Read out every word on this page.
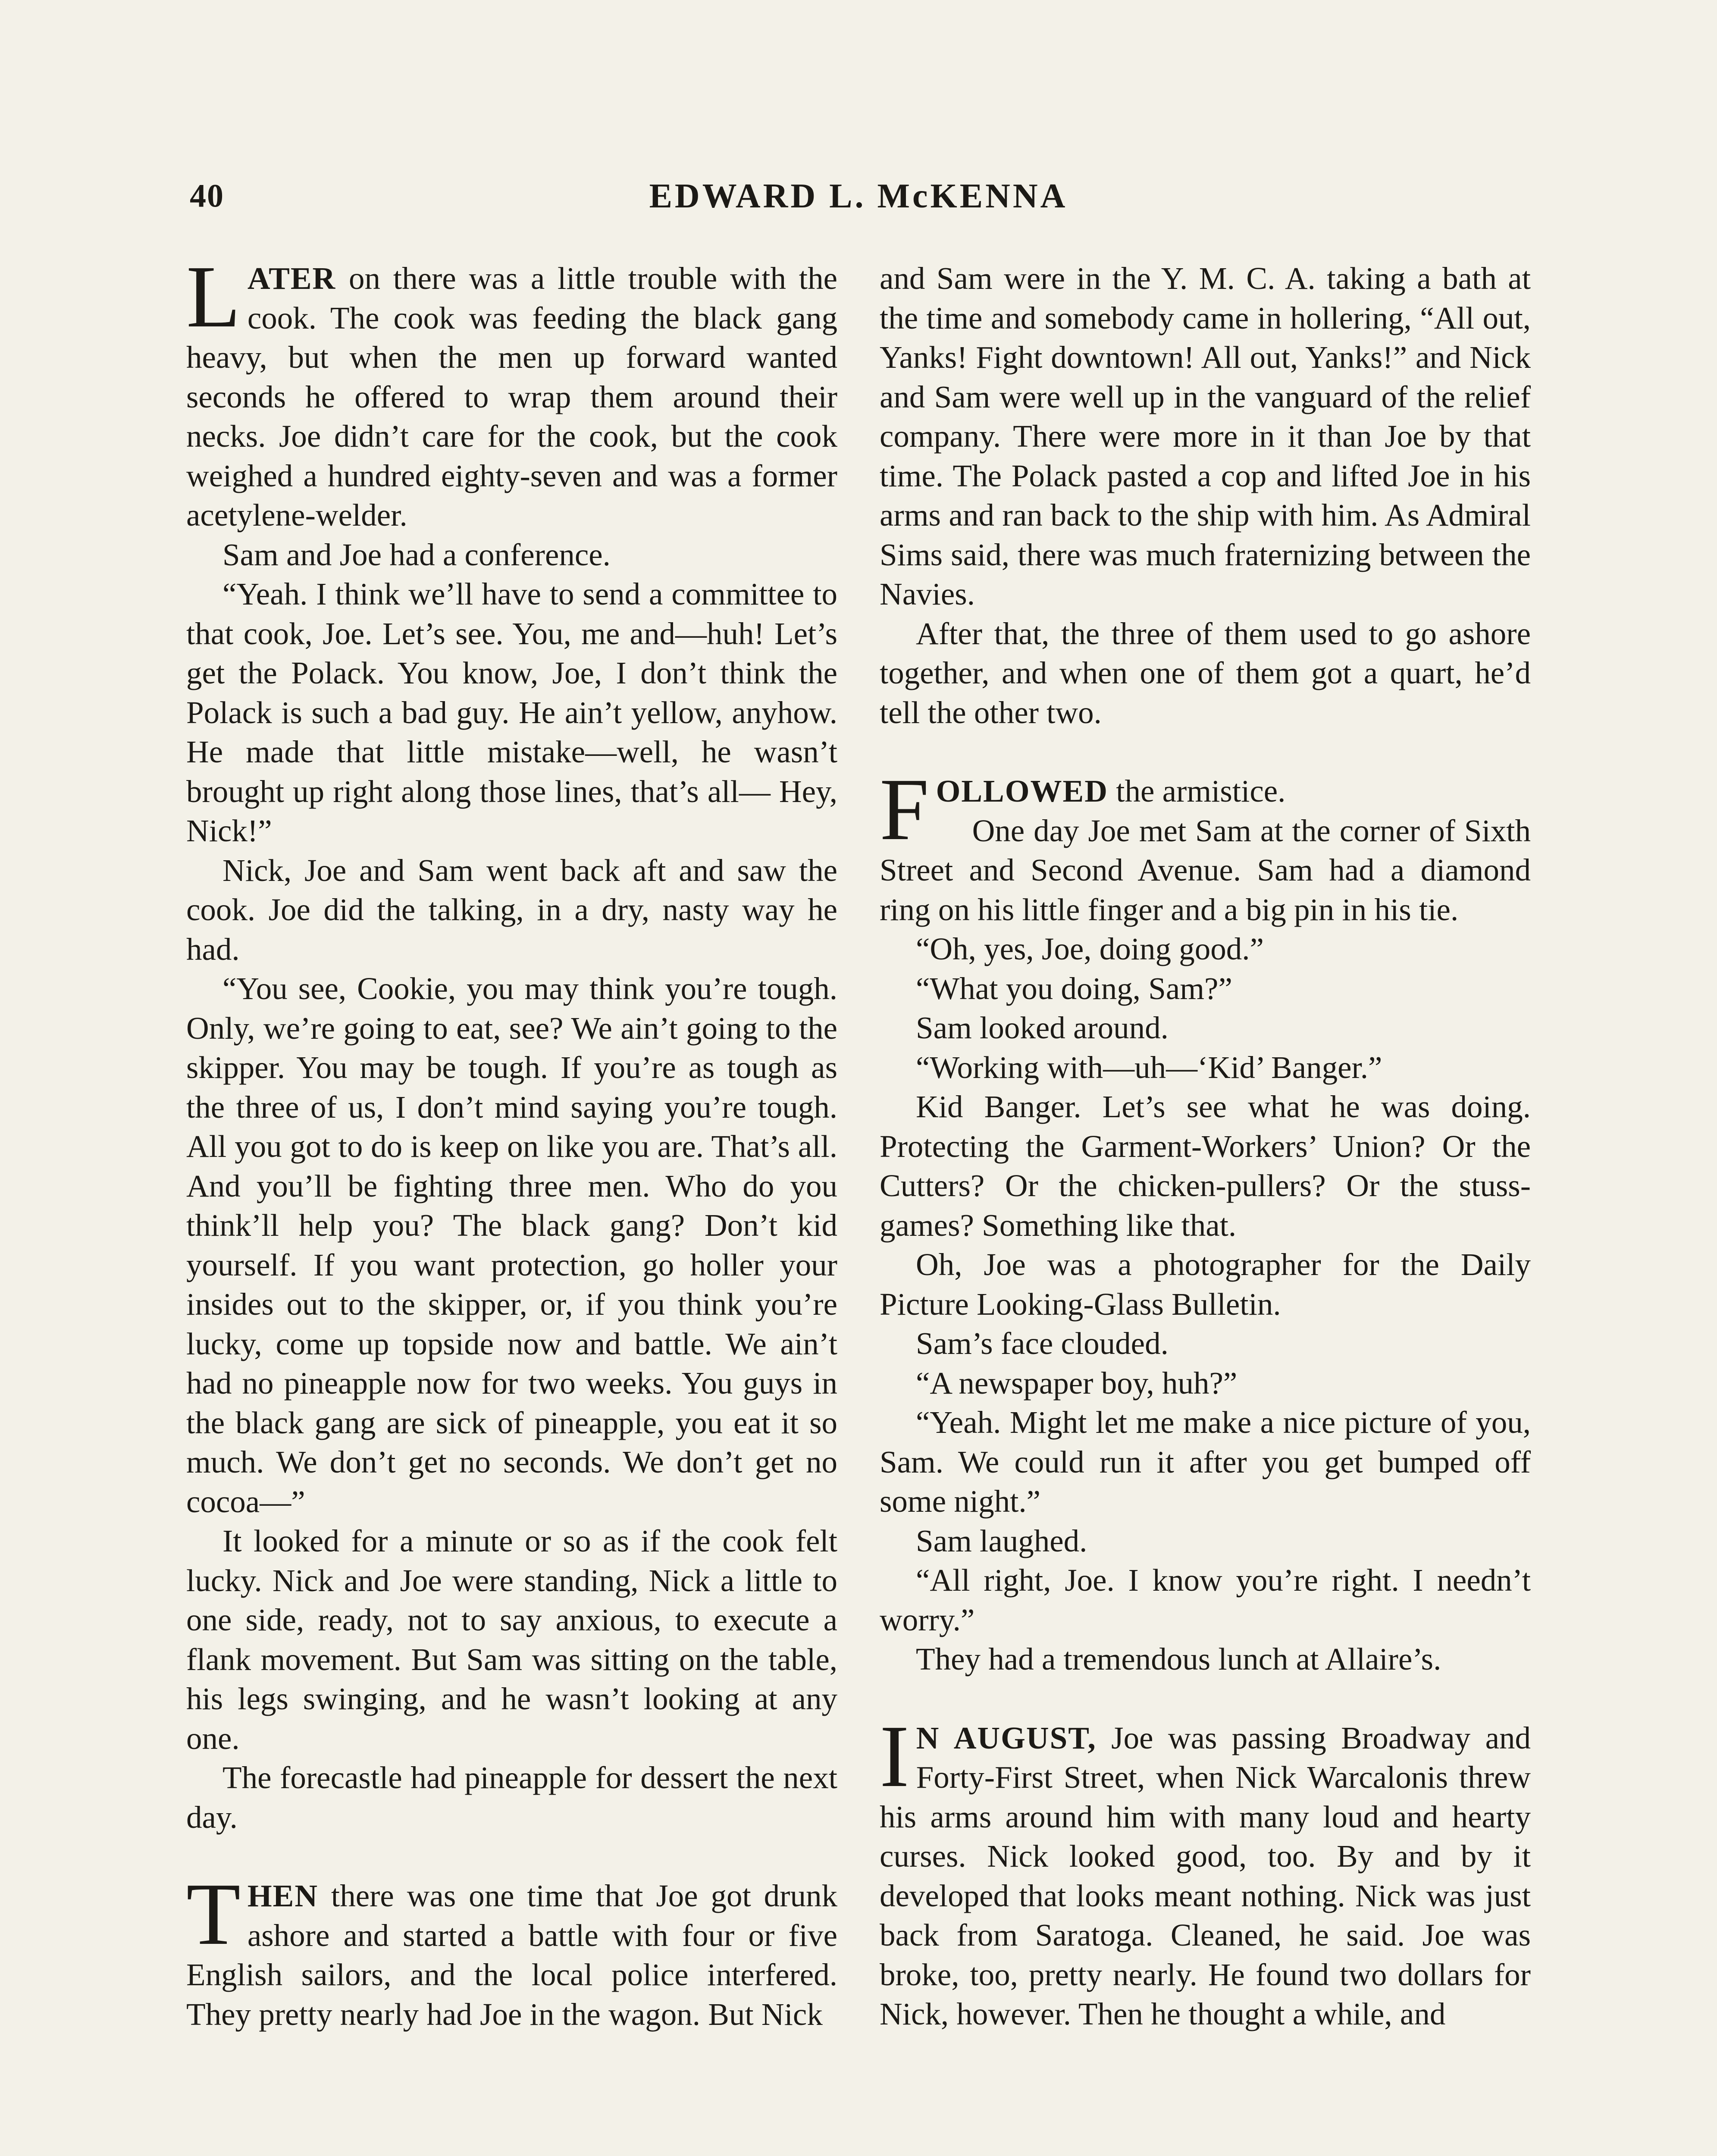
40	EDWARD L. McKENNA

LATER on there was a little trouble with the cook. The cook was feeding the black gang heavy, but when the men up forward wanted seconds he offered to wrap them around their necks. Joe didn’t care for the cook, but the cook weighed a hundred eighty-seven and was a former acetylene-welder.

Sam and Joe had a conference.

“Yeah. I think we’ll have to send a committee to that cook, Joe. Let’s see. You, me and—huh! Let’s get the Polack. You know, Joe, I don’t think the Polack is such a bad guy. He ain’t yellow, anyhow. He made that little mistake—well, he wasn’t brought up right along those lines, that’s all— Hey, Nick!”

Nick, Joe and Sam went back aft and saw the cook. Joe did the talking, in a dry, nasty way he had.

“You see, Cookie, you may think you’re tough. Only, we’re going to eat, see? We ain’t going to the skipper. You may be tough. If you’re as tough as the three of us, I don’t mind saying you’re tough. All you got to do is keep on like you are. That’s all. And you’ll be fighting three men. Who do you think’ll help you? The black gang? Don’t kid yourself. If you want protection, go holler your insides out to the skipper, or, if you think you’re lucky, come up topside now and battle. We ain’t had no pineapple now for two weeks. You guys in the black gang are sick of pineapple, you eat it so much. We don’t get no seconds. We don’t get no cocoa—”

It looked for a minute or so as if the cook felt lucky. Nick and Joe were standing, Nick a little to one side, ready, not to say anxious, to execute a flank movement. But Sam was sitting on the table, his legs swinging, and he wasn’t looking at any one.

The forecastle had pineapple for dessert the next day.

THEN there was one time that Joe got drunk ashore and started a battle with four or five English sailors, and the local police interfered. They pretty nearly had Joe in the wagon. But Nick

and Sam were in the Y. M. C. A. taking a bath at the time and somebody came in hollering, “All out, Yanks! Fight downtown! All out, Yanks!” and Nick and Sam were well up in the vanguard of the relief company. There were more in it than Joe by that time. The Polack pasted a cop and lifted Joe in his arms and ran back to the ship with him. As Admiral Sims said, there was much fraternizing between the Navies.

After that, the three of them used to go ashore together, and when one of them got a quart, he’d tell the other two.

FOLLOWED the armistice.

One day Joe met Sam at the corner of Sixth Street and Second Avenue. Sam had a diamond ring on his little finger and a big pin in his tie.

“Oh, yes, Joe, doing good.”

“What you doing, Sam?”

Sam looked around.

“Working with—uh—‘Kid’ Banger.”

Kid Banger. Let’s see what he was doing. Protecting the Garment-Workers’ Union? Or the Cutters? Or the chicken-pullers? Or the stuss-games? Something like that.

Oh, Joe was a photographer for the Daily Picture Looking-Glass Bulletin.

Sam’s face clouded.

“A newspaper boy, huh?”

“Yeah. Might let me make a nice picture of you, Sam. We could run it after you get bumped off some night.”

Sam laughed.

“All right, Joe. I know you’re right. I needn’t worry.”

They had a tremendous lunch at Allaire’s.

I N AUGUST, Joe was passing Broadway and Forty-First Street, when Nick Warcalonis threw his arms around him with many loud and hearty curses. Nick looked good, too. By and by it developed that looks meant nothing. Nick was just back from Saratoga. Cleaned, he said. Joe was broke, too, pretty nearly. He found two dollars for Nick, however. Then he thought a while, and
